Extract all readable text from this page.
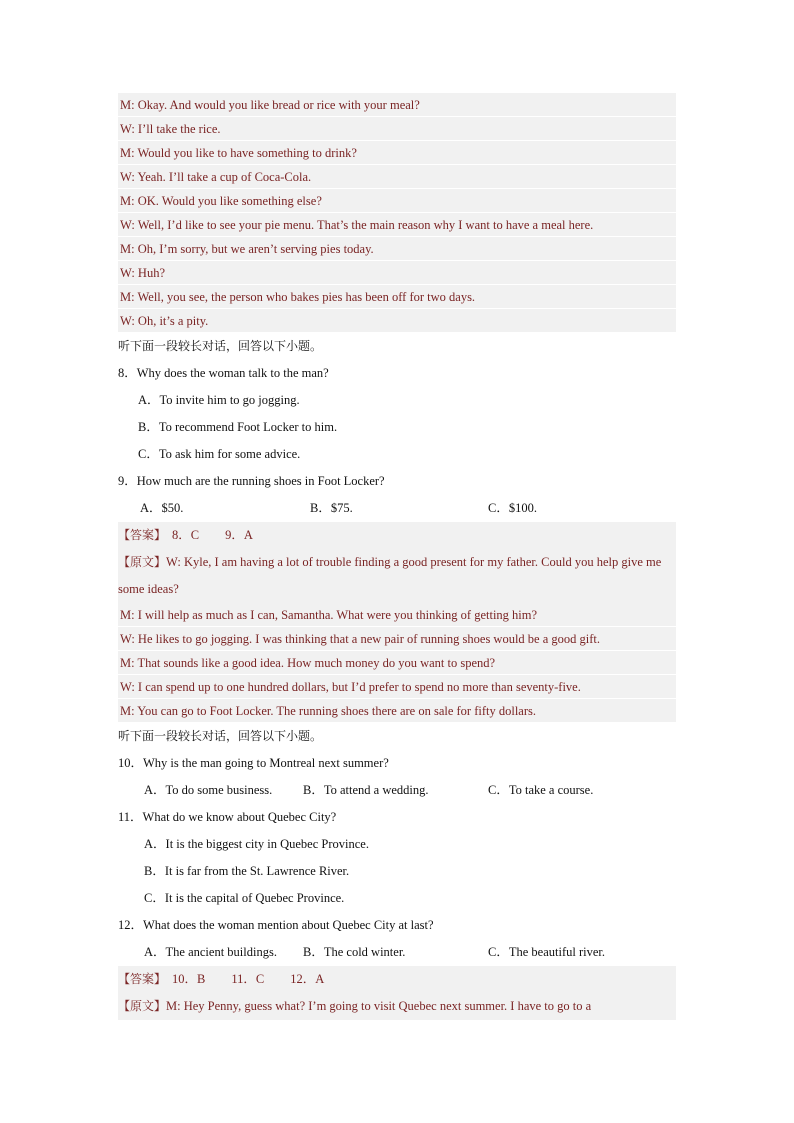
M: Okay. And would you like bread or rice with your meal?
W: I’ll take the rice.
M: Would you like to have something to drink?
W: Yeah. I’ll take a cup of Coca-Cola.
M: OK. Would you like something else?
W: Well, I’d like to see your pie menu. That’s the main reason why I want to have a meal here.
M: Oh, I’m sorry, but we aren’t serving pies today.
W: Huh?
M: Well, you see, the person who bakes pies has been off for two days.
W: Oh, it’s a pity.
听下面一段较长对话，回答以下小题。
8．Why does the woman talk to the man?
A．To invite him to go jogging.
B．To recommend Foot Locker to him.
C．To ask him for some advice.
9．How much are the running shoes in Foot Locker?
A．$50.	B．$75.	C．$100.
【答案】 8．C 9．A
【原文】W: Kyle, I am having a lot of trouble finding a good present for my father. Could you help give me some ideas?
M: I will help as much as I can, Samantha. What were you thinking of getting him?
W: He likes to go jogging. I was thinking that a new pair of running shoes would be a good gift.
M: That sounds like a good idea. How much money do you want to spend?
W: I can spend up to one hundred dollars, but I’d prefer to spend no more than seventy-five.
M: You can go to Foot Locker. The running shoes there are on sale for fifty dollars.
听下面一段较长对话，回答以下小题。
10．Why is the man going to Montreal next summer?
A．To do some business. B．To attend a wedding.	C．To take a course.
11．What do we know about Quebec City?
A．It is the biggest city in Quebec Province.
B．It is far from the St. Lawrence River.
C．It is the capital of Quebec Province.
12．What does the woman mention about Quebec City at last?
A．The ancient buildings. B．The cold winter.	C．The beautiful river.
【答案】 10．B 11．C 12．A
【原文】M: Hey Penny, guess what? I’m going to visit Quebec next summer. I have to go to a
